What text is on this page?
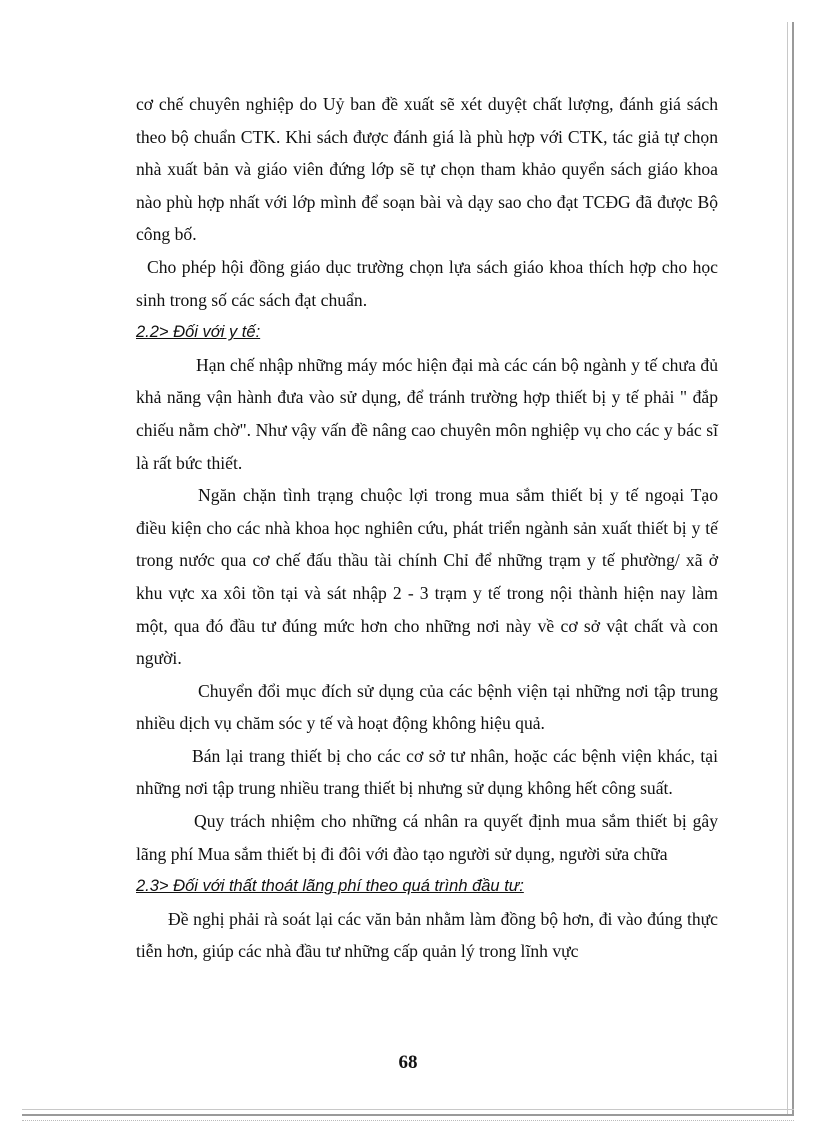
cơ chế chuyên nghiệp do Uỷ ban đề xuất sẽ xét duyệt chất lượng, đánh giá sách theo bộ chuẩn CTK. Khi sách được đánh giá là phù hợp với CTK, tác giả tự chọn nhà xuất bản và giáo viên đứng lớp sẽ tự chọn tham khảo quyển sách giáo khoa nào phù hợp nhất với lớp mình để soạn bài và dạy sao cho đạt TCĐG đã được Bộ công bố.

Cho phép hội đồng giáo dục trường chọn lựa sách giáo khoa thích hợp cho học sinh trong số các sách đạt chuẩn.

2.2> Đối với y tế:

Hạn chế nhập những máy móc hiện đại mà các cán bộ ngành y tế chưa đủ khả năng vận hành đưa vào sử dụng, để tránh trường hợp thiết bị y tế phải " đắp chiếu nằm chờ". Như vậy vấn đề nâng cao chuyên môn nghiệp vụ cho các y bác sĩ là rất bức thiết.

Ngăn chặn tình trạng chuộc lợi trong mua sắm thiết bị y tế ngoại Tạo điều kiện cho các nhà khoa học nghiên cứu, phát triển ngành sản xuất thiết bị y tế trong nước qua cơ chế đấu thầu tài chính Chỉ để những trạm y tế phường/ xã ở khu vực xa xôi tồn tại và sát nhập 2 - 3 trạm y tế trong nội thành hiện nay làm một, qua đó đầu tư đúng mức hơn cho những nơi này về cơ sở vật chất và con người.

Chuyển đổi mục đích sử dụng của các bệnh viện tại những nơi tập trung nhiều dịch vụ chăm sóc y tế và hoạt động không hiệu quả.

Bán lại trang thiết bị cho các cơ sở tư nhân, hoặc các bệnh viện khác, tại những nơi tập trung nhiều trang thiết bị nhưng sử dụng không hết công suất.

Quy trách nhiệm cho những cá nhân ra quyết định mua sắm thiết bị gây lãng phí Mua sắm thiết bị đi đôi với đào tạo người sử dụng, người sửa chữa

2.3> Đối với thất thoát lãng phí theo quá trình đầu tư:

Đề nghị phải rà soát lại các văn bản nhằm làm đồng bộ hơn, đi vào đúng thực tiễn hơn, giúp các nhà đầu tư những cấp quản lý trong lĩnh vực

68
